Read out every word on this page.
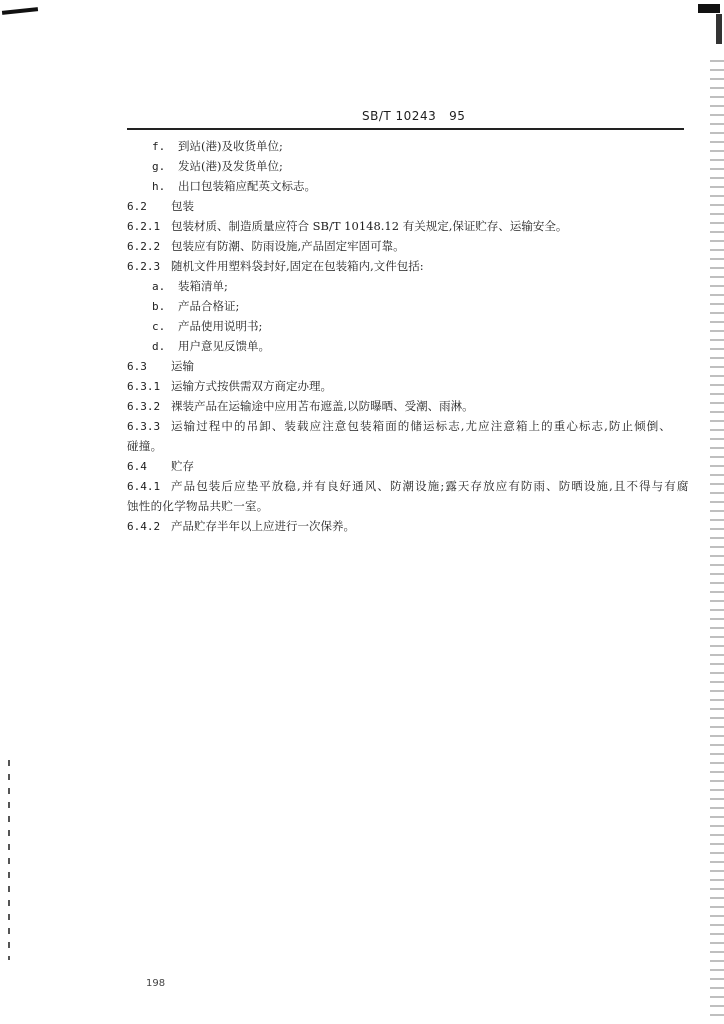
SB/T 10243   95
f. 到站(港)及收货单位;
g. 发站(港)及发货单位;
h. 出口包装箱应配英文标志。
6.2 包装
6.2.1 包装材质、制造质量应符合 SB/T 10148.12 有关规定,保证贮存、运输安全。
6.2.2 包装应有防潮、防雨设施,产品固定牢固可靠。
6.2.3 随机文件用塑料袋封好,固定在包装箱内,文件包括:
a. 装箱清单;
b. 产品合格证;
c. 产品使用说明书;
d. 用户意见反馈单。
6.3 运输
6.3.1 运输方式按供需双方商定办理。
6.3.2 裸装产品在运输途中应用苫布遮盖,以防曝晒、受潮、雨淋。
6.3.3 运输过程中的吊卸、装载应注意包装箱面的储运标志,尤应注意箱上的重心标志,防止倾倒、
碰撞。
6.4 贮存
6.4.1 产品包装后应垫平放稳,并有良好通风、防潮设施;露天存放应有防雨、防晒设施,且不得与有腐
蚀性的化学物品共贮一室。
6.4.2 产品贮存半年以上应进行一次保养。
198
